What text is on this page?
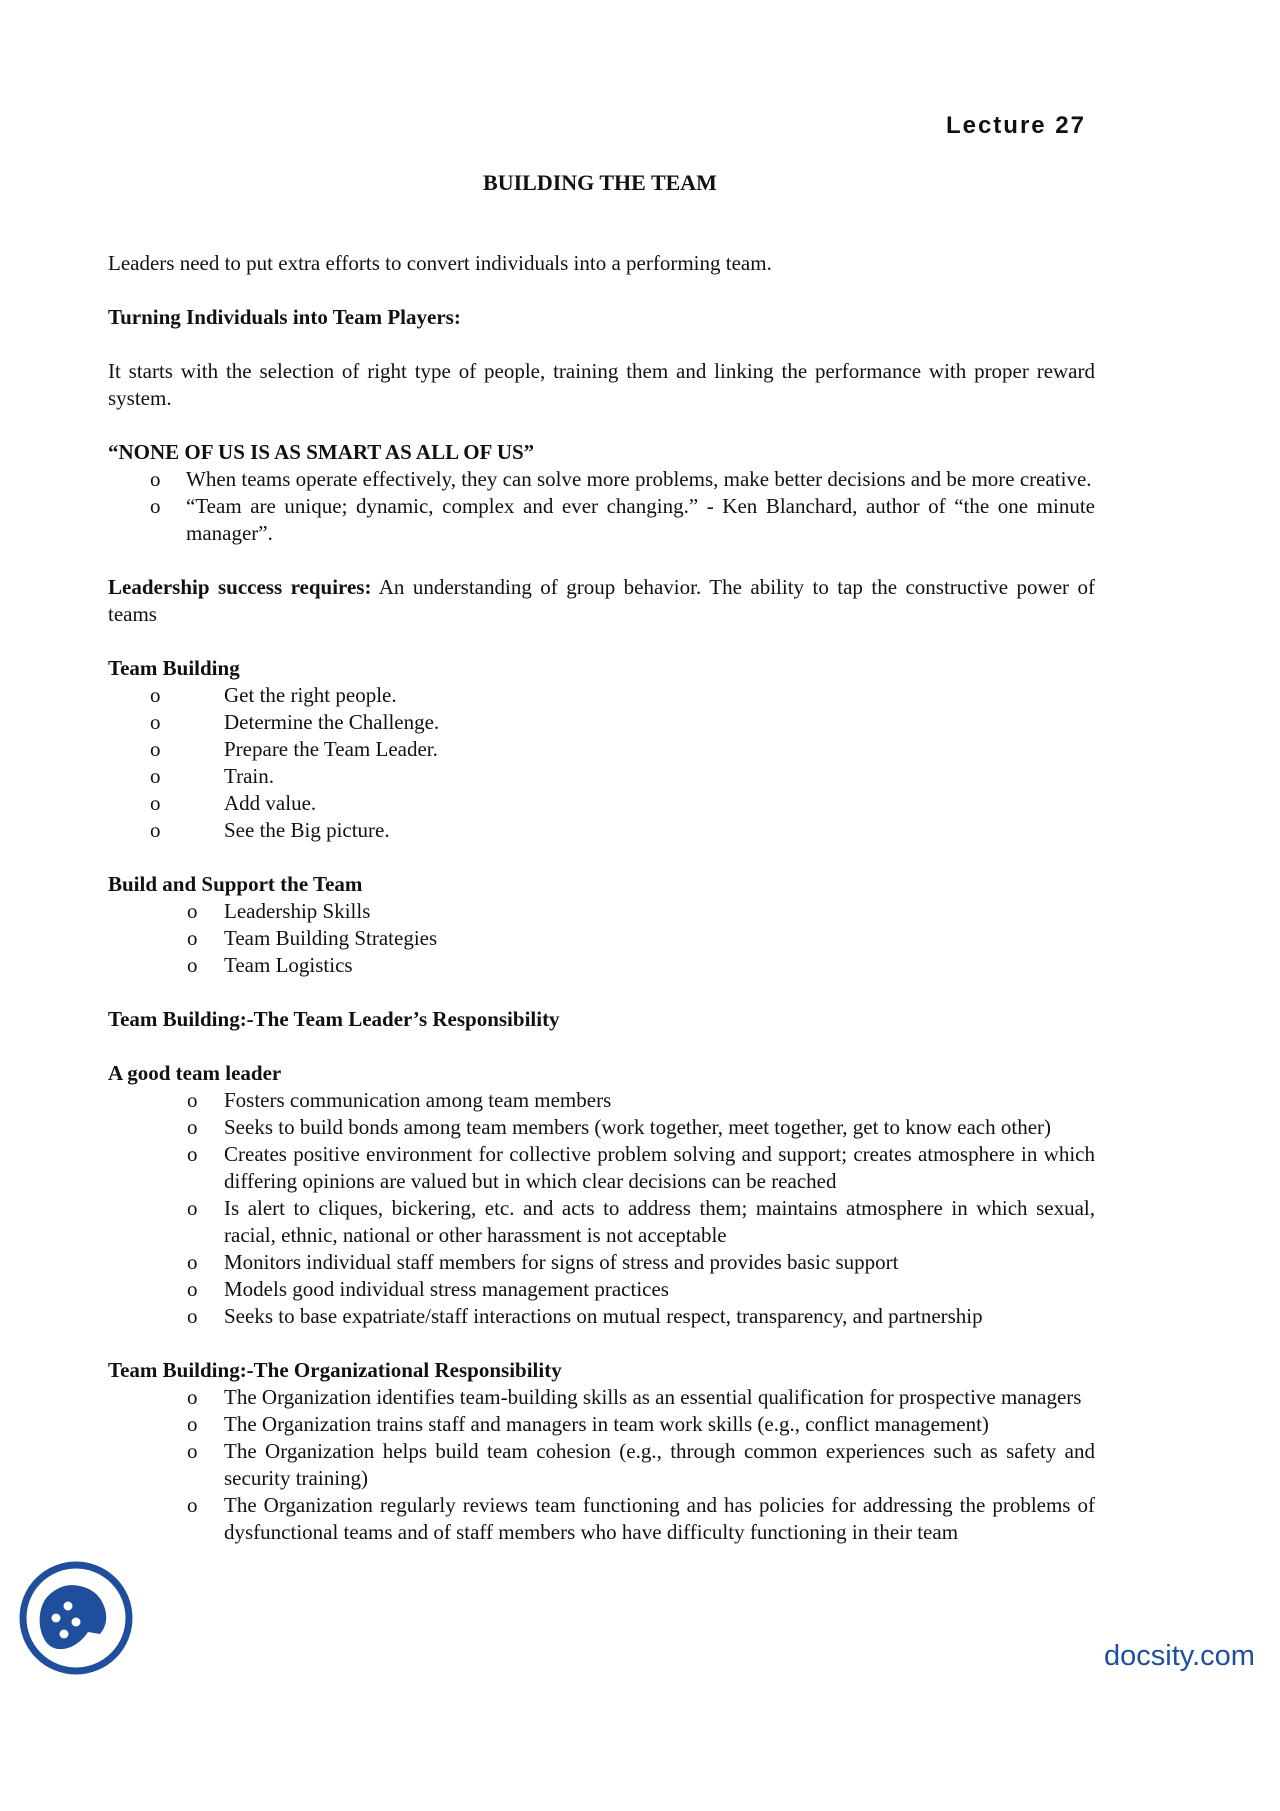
Lecture 27
BUILDING THE TEAM

Leaders need to put extra efforts to convert individuals into a performing team.

Turning Individuals into Team Players:

It starts with the selection of right type of people, training them and linking the performance with proper reward system.

“NONE OF US IS AS SMART AS ALL OF US”

o When teams operate effectively, they can solve more problems, make better decisions and be more creative.
o “Team are unique; dynamic, complex and ever changing.” - Ken Blanchard, author of “the one minute manager”.

Leadership success requires: An understanding of group behavior. The ability to tap the constructive power of teams

Team Building

o	Get the right people.
o	Determine the Challenge.
o	Prepare the Team Leader.
o	Train.
o	Add value.
o	See the Big picture.

Build and Support the Team

o Leadership Skills
o Team Building Strategies
o Team Logistics

Team Building:-The Team Leader’s Responsibility

A good team leader

o Fosters communication among team members
o Seeks to build bonds among team members (work together, meet together, get to know each other)
o Creates positive environment for collective problem solving and support; creates atmosphere in which differing opinions are valued but in which clear decisions can be reached
o Is alert to cliques, bickering, etc. and acts to address them; maintains atmosphere in which sexual, racial, ethnic, national or other harassment is not acceptable
o Monitors individual staff members for signs of stress and provides basic support
o Models good individual stress management practices
o Seeks to base expatriate/staff interactions on mutual respect, transparency, and partnership

Team Building:-The Organizational Responsibility

o The Organization identifies team-building skills as an essential qualification for prospective managers
o The Organization trains staff and managers in team work skills (e.g., conflict management)
o The Organization helps build team cohesion (e.g., through common experiences such as safety and security training)
o The Organization regularly reviews team functioning and has policies for addressing the problems of dysfunctional teams and of staff members who have difficulty functioning in their team
docsity.com
